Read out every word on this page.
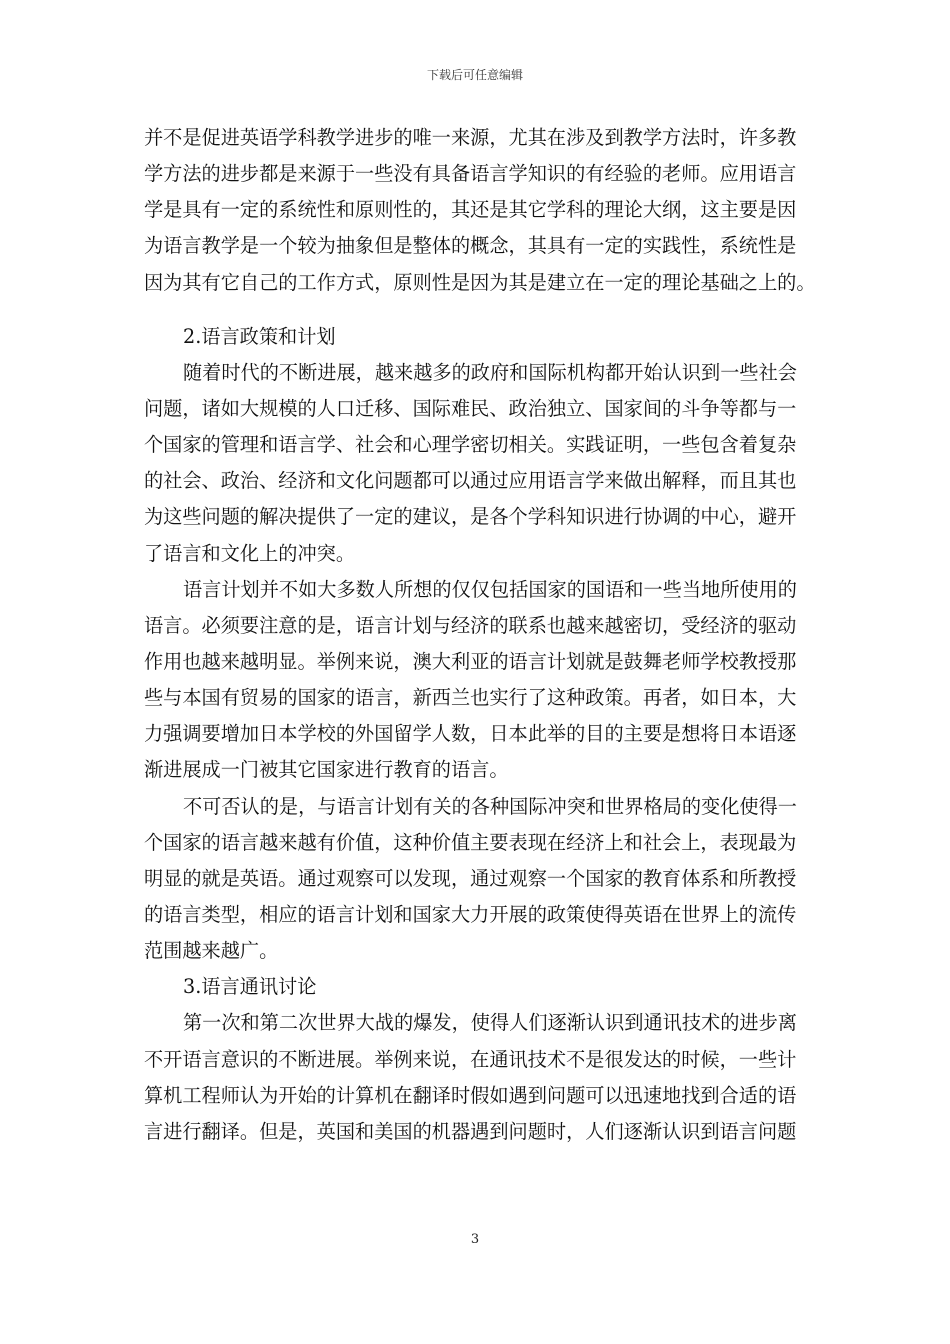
下载后可任意编辑
并不是促进英语学科教学进步的唯一来源，尤其在涉及到教学方法时，许多教
学方法的进步都是来源于一些没有具备语言学知识的有经验的老师。应用语言
学是具有一定的系统性和原则性的，其还是其它学科的理论大纲，这主要是因
为语言教学是一个较为抽象但是整体的概念，其具有一定的实践性，系统性是
因为其有它自己的工作方式，原则性是因为其是建立在一定的理论基础之上的。
2.语言政策和计划
随着时代的不断进展，越来越多的政府和国际机构都开始认识到一些社会
问题，诸如大规模的人口迁移、国际难民、政治独立、国家间的斗争等都与一
个国家的管理和语言学、社会和心理学密切相关。实践证明，一些包含着复杂
的社会、政治、经济和文化问题都可以通过应用语言学来做出解释，而且其也
为这些问题的解决提供了一定的建议，是各个学科知识进行协调的中心，避开
了语言和文化上的冲突。
语言计划并不如大多数人所想的仅仅包括国家的国语和一些当地所使用的
语言。必须要注意的是，语言计划与经济的联系也越来越密切，受经济的驱动
作用也越来越明显。举例来说，澳大利亚的语言计划就是鼓舞老师学校教授那
些与本国有贸易的国家的语言，新西兰也实行了这种政策。再者，如日本，大
力强调要增加日本学校的外国留学人数，日本此举的目的主要是想将日本语逐
渐进展成一门被其它国家进行教育的语言。
不可否认的是，与语言计划有关的各种国际冲突和世界格局的变化使得一
个国家的语言越来越有价值，这种价值主要表现在经济上和社会上，表现最为
明显的就是英语。通过观察可以发现，通过观察一个国家的教育体系和所教授
的语言类型，相应的语言计划和国家大力开展的政策使得英语在世界上的流传
范围越来越广。
3.语言通讯讨论
第一次和第二次世界大战的爆发，使得人们逐渐认识到通讯技术的进步离
不开语言意识的不断进展。举例来说，在通讯技术不是很发达的时候，一些计
算机工程师认为开始的计算机在翻译时假如遇到问题可以迅速地找到合适的语
言进行翻译。但是，英国和美国的机器遇到问题时，人们逐渐认识到语言问题
3
